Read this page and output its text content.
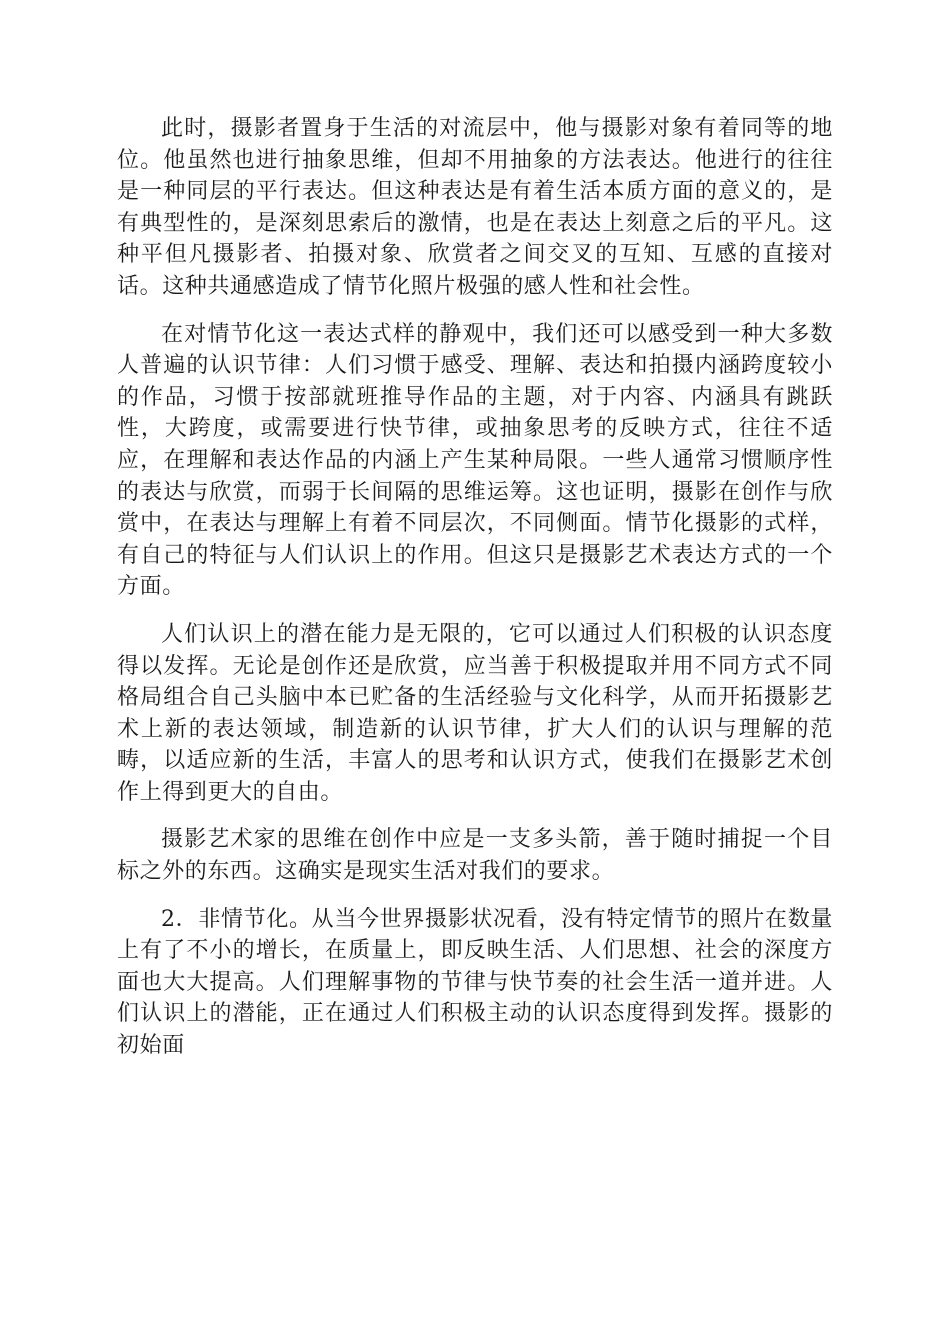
此时，摄影者置身于生活的对流层中，他与摄影对象有着同等的地位。他虽然也进行抽象思维，但却不用抽象的方法表达。他进行的往往是一种同层的平行表达。但这种表达是有着生活本质方面的意义的，是有典型性的，是深刻思索后的激情，也是在表达上刻意之后的平凡。这种平但凡摄影者、拍摄对象、欣赏者之间交叉的互知、互感的直接对话。这种共通感造成了情节化照片极强的感人性和社会性。

在对情节化这一表达式样的静观中，我们还可以感受到一种大多数人普遍的认识节律：人们习惯于感受、理解、表达和拍摄内涵跨度较小的作品，习惯于按部就班推导作品的主题，对于内容、内涵具有跳跃性，大跨度，或需要进行快节律，或抽象思考的反映方式，往往不适应，在理解和表达作品的内涵上产生某种局限。一些人通常习惯顺序性的表达与欣赏，而弱于长间隔的思维运筹。这也证明，摄影在创作与欣赏中，在表达与理解上有着不同层次，不同侧面。情节化摄影的式样，有自己的特征与人们认识上的作用。但这只是摄影艺术表达方式的一个方面。

人们认识上的潜在能力是无限的，它可以通过人们积极的认识态度得以发挥。无论是创作还是欣赏，应当善于积极提取并用不同方式不同格局组合自己头脑中本已贮备的生活经验与文化科学，从而开拓摄影艺术上新的表达领域，制造新的认识节律，扩大人们的认识与理解的范畴，以适应新的生活，丰富人的思考和认识方式，使我们在摄影艺术创作上得到更大的自由。

摄影艺术家的思维在创作中应是一支多头箭，善于随时捕捉一个目标之外的东西。这确实是现实生活对我们的要求。

2．非情节化。从当今世界摄影状况看，没有特定情节的照片在数量上有了不小的增长，在质量上，即反映生活、人们思想、社会的深度方面也大大提高。人们理解事物的节律与快节奏的社会生活一道并进。人们认识上的潜能，正在通过人们积极主动的认识态度得到发挥。摄影的初始面
